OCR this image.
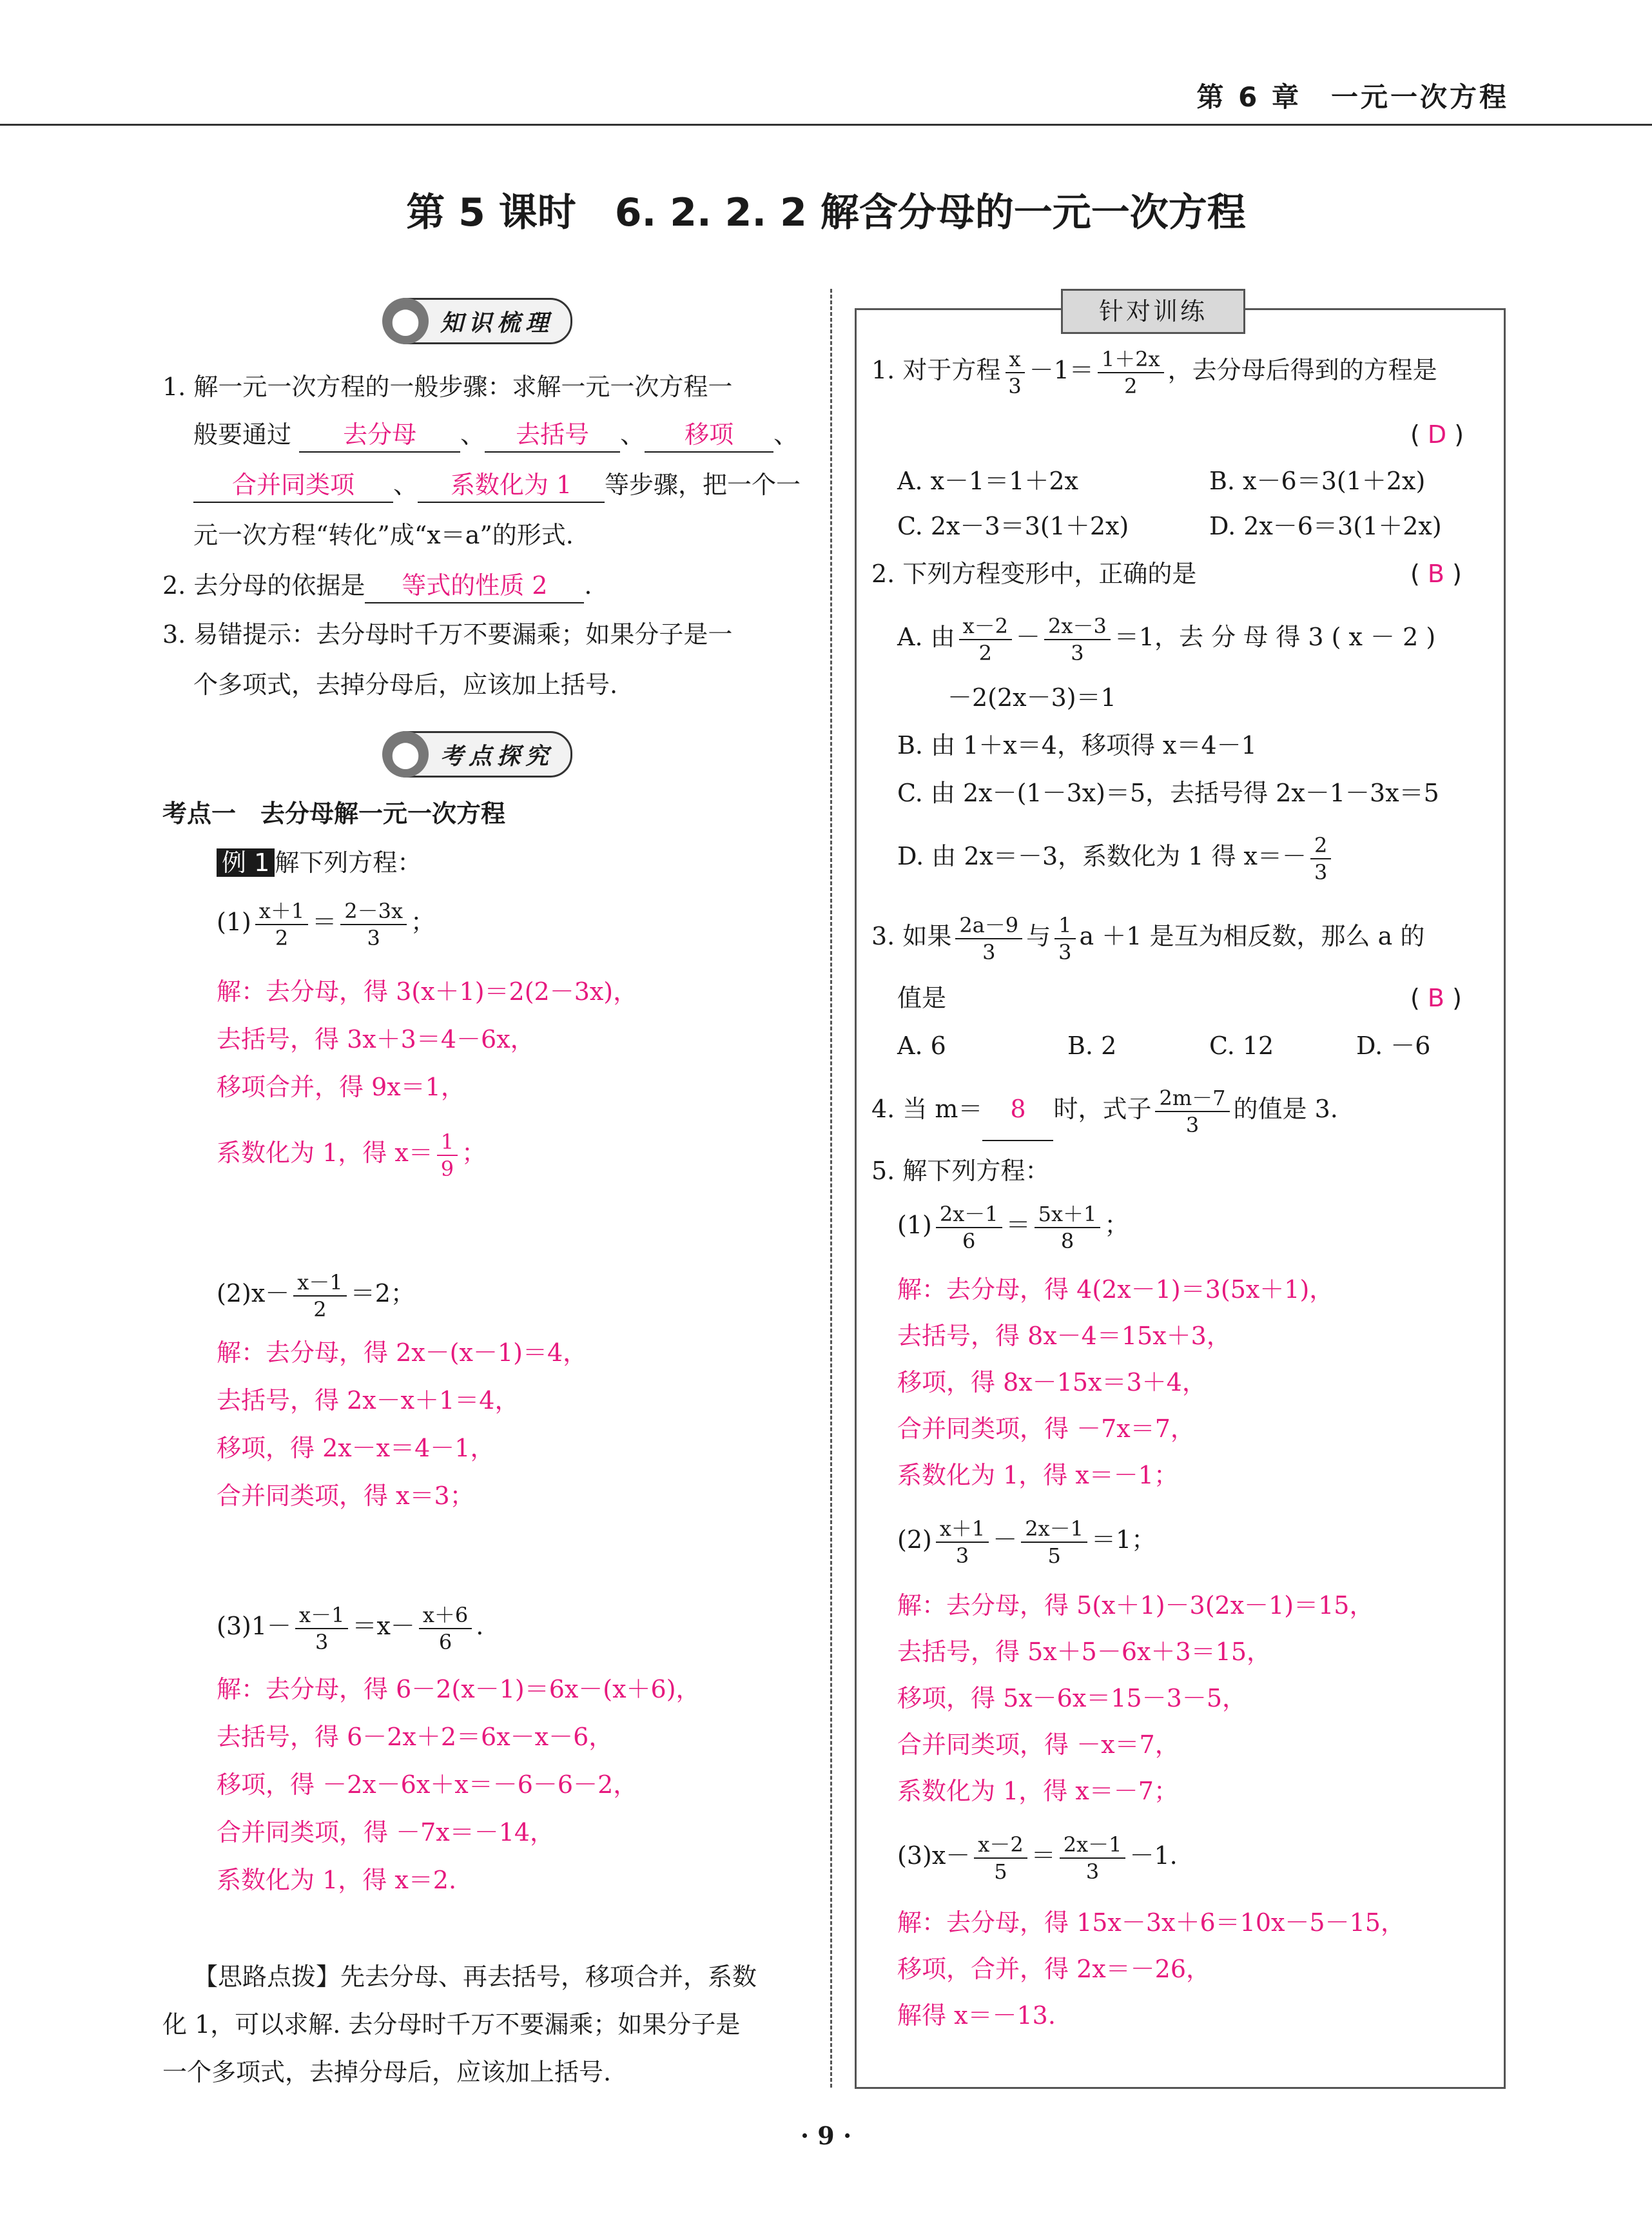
第 6 章　一元一次方程
第 5 课时　6. 2. 2. 2 解含分母的一元一次方程
⬤ 知识梳理
1. 解一元一次方程的一般步骤：求解一元一次方程一
般要通过 去分母 、 去括号 、 移项 、
合并同类项 、 系数化为 1 等步骤，把一个一
元一次方程“转化”成“x＝a”的形式.
2. 去分母的依据是 等式的性质 2 .
3. 易错提示：去分母时千万不要漏乘；如果分子是一
个多项式，去掉分母后，应该加上括号.
⬤ 考点探究
考点一　去分母解一元一次方程
例 1 解下列方程：
$(1) \frac{x+1}{2} = \frac{2-3x}{3}$ ；
解：去分母，得 3(x＋1)＝2(2－3x)，
去括号，得 3x＋3＝4－6x，
移项合并，得 9x＝1，
系数化为 1，得 $x= \frac{1}{9}$ ；
$(2)x- \frac{x-1}{2} =2$；
解：去分母，得 2x－(x－1)＝4，
去括号，得 2x－x＋1＝4，
移项，得 2x－x＝4－1，
合并同类项，得 x＝3；
$(3)1- \frac{x-1}{3} =x- \frac{x+6}{6}$ .
解：去分母，得 6－2(x－1)＝6x－(x＋6)，
去括号，得 6－2x＋2＝6x－x－6，
移项，得 －2x－6x＋x＝－6－6－2，
合并同类项，得 －7x＝－14，
系数化为 1，得 x＝2.
【思路点拨】先去分母、再去括号，移项合并，系数
化 1，可以求解. 去分母时千万不要漏乘；如果分子是
一个多项式，去掉分母后，应该加上括号.
针对训练
1. 对于方程 $\frac{x}{3} -1= \frac{1+2x}{2}$ ，去分母后得到的方程是
( D )
A. x－1＝1＋2x	B. x－6＝3(1＋2x)
C. 2x－3＝3(1＋2x)	D. 2x－6＝3(1＋2x)
2. 下列方程变形中，正确的是	( B )
A. 由 $\frac{x-2}{2} - \frac{2x-3}{3} =1$，去 分 母 得 3 ( x － 2 )
－2(2x－3)＝1
B. 由 1＋x＝4，移项得 x＝4－1
C. 由 2x－(1－3x)＝5，去括号得 2x－1－3x＝5
D. 由 2x＝－3，系数化为 1 得 $x=- \frac{2}{3}$
3. 如果 $\frac{2a-9}{3}$ 与 $\frac{1}{3}$ a ＋1 是互为相反数，那么 a 的
值是	( B )
A. 6	B. 2	C. 12	D. －6
4. 当 m＝ 8 时，式子 $\frac{2m-7}{3}$ 的值是 3.
5. 解下列方程：
$(1) \frac{2x-1}{6} = \frac{5x+1}{8}$ ；
解：去分母，得 4(2x－1)＝3(5x＋1)，
去括号，得 8x－4＝15x＋3，
移项，得 8x－15x＝3＋4，
合并同类项，得 －7x＝7，
系数化为 1，得 x＝－1；
$(2) \frac{x+1}{3} - \frac{2x-1}{5} =1$；
解：去分母，得 5(x＋1)－3(2x－1)＝15，
去括号，得 5x＋5－6x＋3＝15，
移项，得 5x－6x＝15－3－5，
合并同类项，得 －x＝7，
系数化为 1，得 x＝－7；
$(3)x- \frac{x-2}{5} = \frac{2x-1}{3} -1$.
解：去分母，得 15x－3x＋6＝10x－5－15，
移项，合并，得 2x＝－26，
解得 x＝－13.
· 9 ·
